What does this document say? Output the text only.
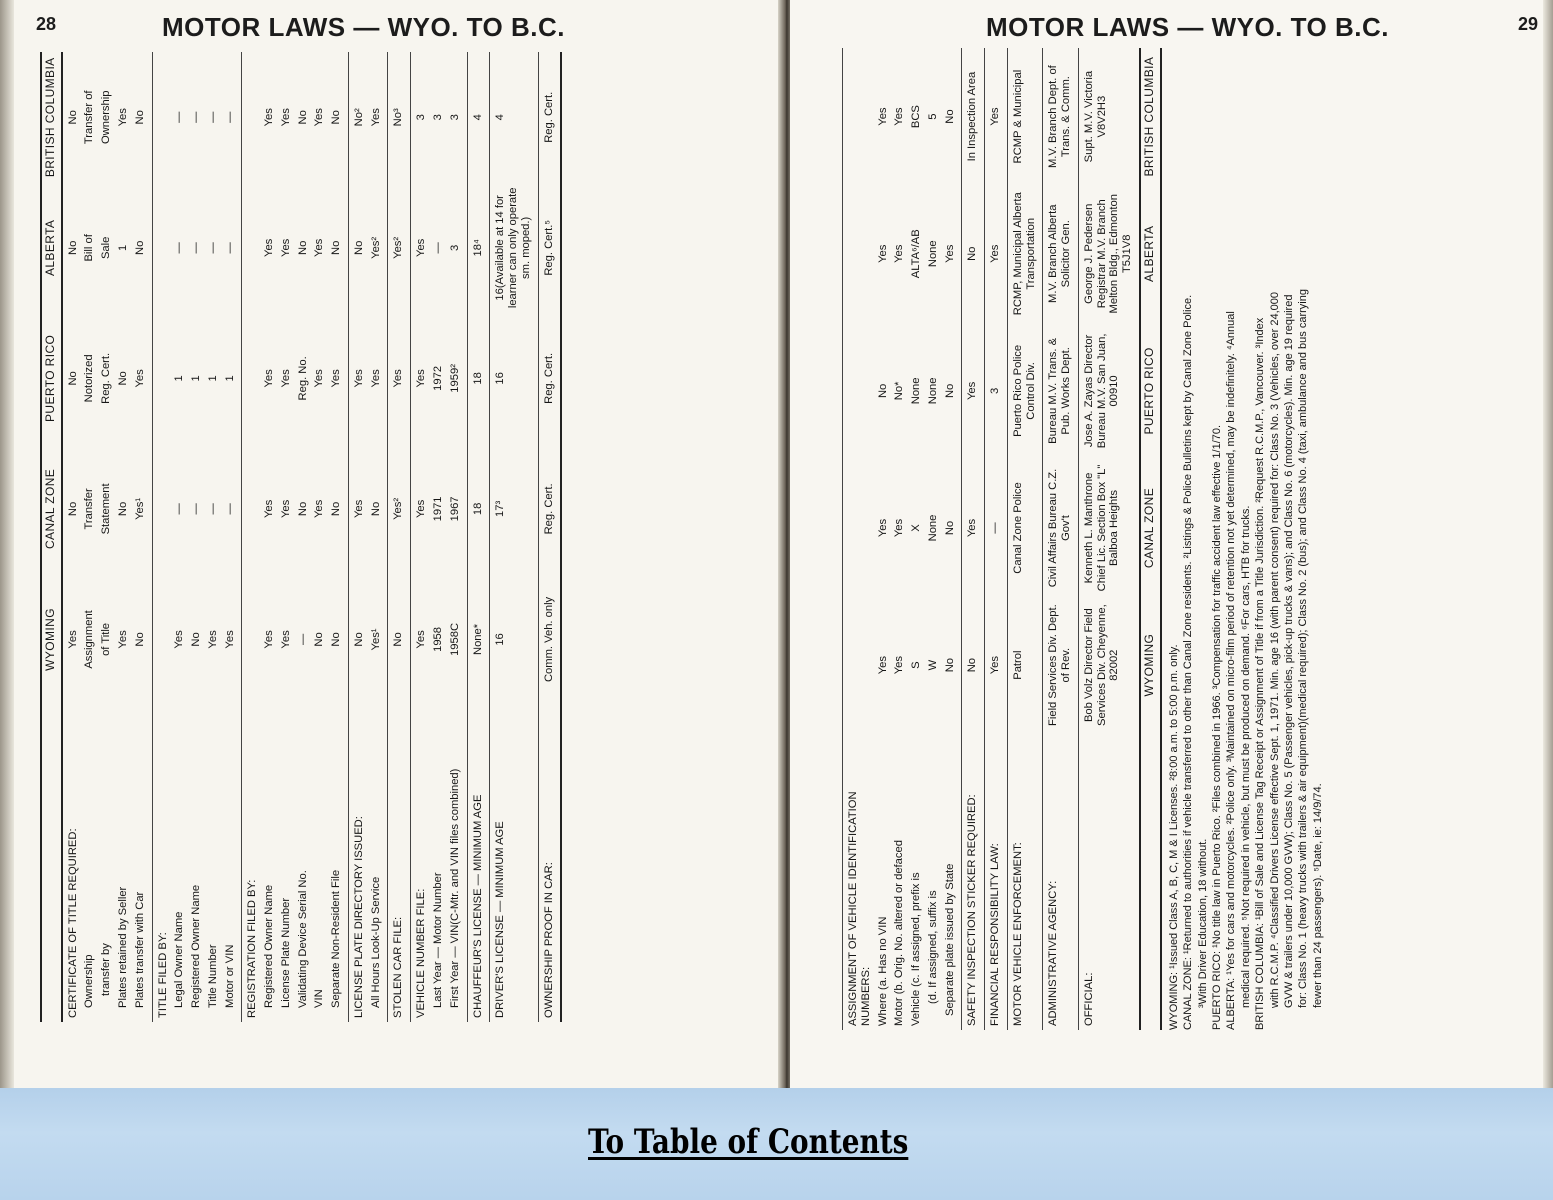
28	MOTOR LAWS — WYO. TO B.C.
	WYOMING	CANAL ZONE	PUERTO RICO	ALBERTA	BRITISH COLUMBIA
CERTIFICATE OF TITLE REQUIRED:	Yes	No	No	No	No
Ownership	Assignment	Transfer	Notorized	Bill of	Transfer of
transfer by	of Title	Statement	Reg. Cert.	Sale	Ownership
Plates retained by Seller	Yes	No	No	1	Yes
Plates transfer with Car	No	Yes¹	Yes	No	No
TITLE FILED BY:					
Legal Owner Name	Yes	—	1	—	—
Registered Owner Name	No	—	1	—	—
Title Number	Yes	—	1	—	—
Motor or VIN	Yes	—	1	—	—
REGISTRATION FILED BY:					
Registered Owner Name	Yes	Yes	Yes	Yes	Yes
License Plate Number	Yes	Yes	Yes	Yes	Yes
Validating Device Serial No.	—	No	Reg. No.	No	No
VIN	No	Yes	Yes	Yes	Yes
Separate Non-Resident File	No	No	Yes	No	No
LICENSE PLATE DIRECTORY ISSUED:	No	Yes	Yes	No	No²
All Hours Look-Up Service	Yes¹	No	Yes	Yes²	Yes
STOLEN CAR FILE:	No	Yes²	Yes	Yes²	No³
VEHICLE NUMBER FILE:	Yes	Yes	Yes	Yes	3
Last Year — Motor Number	1958	1971	1972	—	3
First Year — VIN(C-Mtr. and VIN files combined)	1958C	1967	1959²	3	3
CHAUFFEUR'S LICENSE — MINIMUM AGE	None*	18	18	18⁴	4
DRIVER'S LICENSE — MINIMUM AGE	16	17³	16	16(Available at 14 for learner can only operate sm. moped.)	4
OWNERSHIP PROOF IN CAR:	Comm. Veh. only	Reg. Cert.	Reg. Cert.	Reg. Cert.⁵	Reg. Cert.
MOTOR LAWS — WYO. TO B.C.	29
ASSIGNMENT OF VEHICLE IDENTIFICATION NUMBERS:					
Where (a. Has no VIN	Yes	Yes	No	Yes	Yes
Motor (b. Orig. No. altered or defaced	Yes	Yes	No*	Yes	Yes
Vehicle (c. If assigned, prefix is	S	X	None	ALTA⁶/AB	BCS
(d. If assigned, suffix is	W	None	None	None	5
Separate plate issued by State	No	No	No	Yes	No
SAFETY INSPECTION STICKER REQUIRED:	No	Yes	Yes	No	In Inspection Area
FINANCIAL RESPONSIBILITY LAW:	Yes	—	3	Yes	Yes
MOTOR VEHICLE ENFORCEMENT:	Patrol	Canal Zone Police	Puerto Rico Police Control Div.	RCMP, Municipal Alberta Transportation	RCMP & Municipal
ADMINISTRATIVE AGENCY:	Field Services Div. Dept. of Rev.	Civil Affairs Bureau C.Z. Gov't	Bureau M.V. Trans. & Pub. Works Dept.	M.V. Branch Alberta Solicitor Gen.	M.V. Branch Dept. of Trans. & Comm.
OFFICIAL:	Bob Volz Director Field Services Div. Cheyenne, 82002	Kenneth L. Manthrone Chief Lic. Section Box "L" Balboa Heights	Jose A. Zayas Director Bureau M.V. San Juan, 00910	George J. Pedersen Registrar M.V. Branch Melton Bldg., Edmonton T5J1V8	Supt. M.V. Victoria V8V2H3
	WYOMING	CANAL ZONE	PUERTO RICO	ALBERTA	BRITISH COLUMBIA

WYOMING: ¹Issued Class A, B, C, M & I Licenses. ²8:00 a.m. to 5:00 p.m. only. CANAL ZONE: ¹Returned to authorities if vehicle transferred to other than Canal Zone residents. ²Listings & Police Bulletins kept by Canal Zone Police. ³With Driver Education, 18 without. PUERTO RICO: ¹No title law in Puerto Rico. ²Files combined in 1966. ³Compensation for traffic accident law effective 1/1/70. ALBERTA: ¹Yes for cars and motorcycles. ²Police only. ³Maintained on micro-film period of retention not yet determined, may be indefinitely. ⁴Annual medical required. ⁵Not required in vehicle, but must be produced on demand. ⁶For cars, HTB for trucks. BRITISH COLUMBIA: ¹Bill of Sale and License Tag Receipt or Assignment of Title if from a Title Jurisdiction. ²Request R.C.M.P., Vancouver. ³Index with R.C.M.P. ⁴Classified Drivers License effective Sept. 1, 1971. Min. age 16 (with parent consent) required for: Class No. 3 (Vehicles, over 24,000 GVW & trailers under 10,000 GVW); Class No. 5 (Passenger vehicles, pick-up trucks & vans); and Class No. 6 (motorcycles). Min. age 19 required for: Class No. 1 (heavy trucks with trailers & air equipment)(medical required); Class No. 2 (bus); and Class No. 4 (taxi, ambulance and bus carrying fewer than 24 passengers). ⁵Date, ie: 14/9/74.

To Table of Contents
